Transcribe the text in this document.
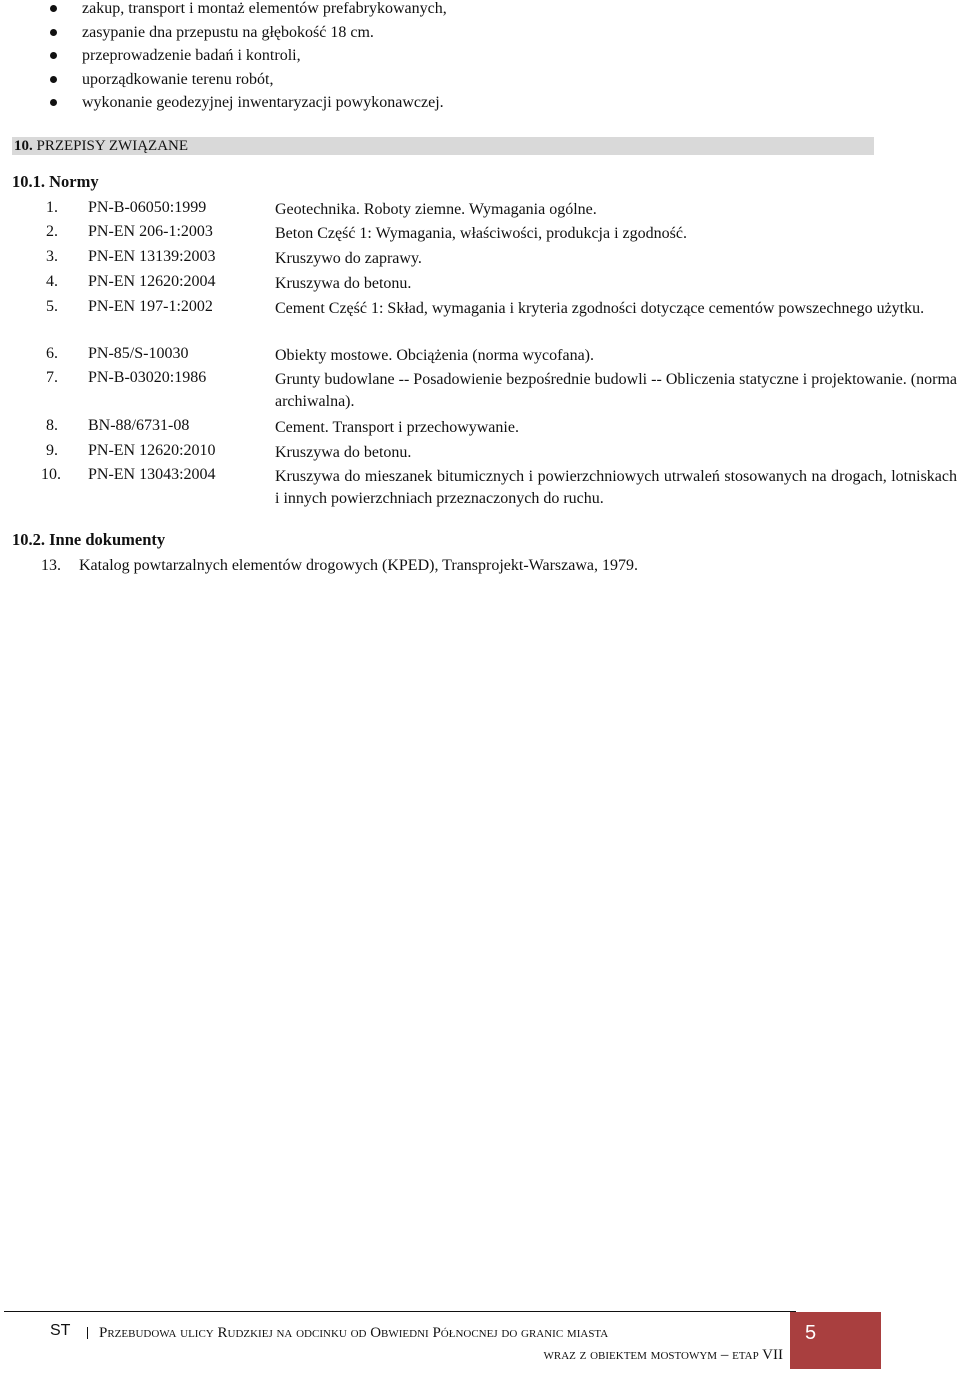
zakup, transport i montaż elementów prefabrykowanych,
zasypanie dna przepustu na głębokość 18 cm.
przeprowadzenie badań i kontroli,
uporządkowanie terenu robót,
wykonanie geodezyjnej inwentaryzacji powykonawczej.
10. PRZEPISY ZWIĄZANE
10.1. Normy
1. PN-B-06050:1999	Geotechnika. Roboty ziemne. Wymagania ogólne.
2. PN-EN 206-1:2003	Beton Część 1: Wymagania, właściwości, produkcja i zgodność.
3. PN-EN 13139:2003	Kruszywo do zaprawy.
4. PN-EN 12620:2004	Kruszywa do betonu.
5. PN-EN 197-1:2002	Cement Część 1: Skład, wymagania i kryteria zgodności dotyczące cementów powszechnego użytku.
6. PN-85/S-10030	Obiekty mostowe. Obciążenia (norma wycofana).
7. PN-B-03020:1986	Grunty budowlane -- Posadowienie bezpośrednie budowli -- Obliczenia statyczne i projektowanie. (norma archiwalna).
8. BN-88/6731-08	Cement. Transport i przechowywanie.
9. PN-EN 12620:2010	Kruszywa do betonu.
10. PN-EN 13043:2004	Kruszywa do mieszanek bitumicznych i powierzchniowych utrwaleń stosowanych na drogach, lotniskach i innych powierzchniach przeznaczonych do ruchu.
10.2. Inne dokumenty
13. Katalog powtarzalnych elementów drogowych (KPED), Transprojekt-Warszawa, 1979.
ST Przebudowa ulicy Rudzkiej na odcinku od Obwiedni Północnej do granic miasta
wraz z obiektem mostowym – etap VII
5
